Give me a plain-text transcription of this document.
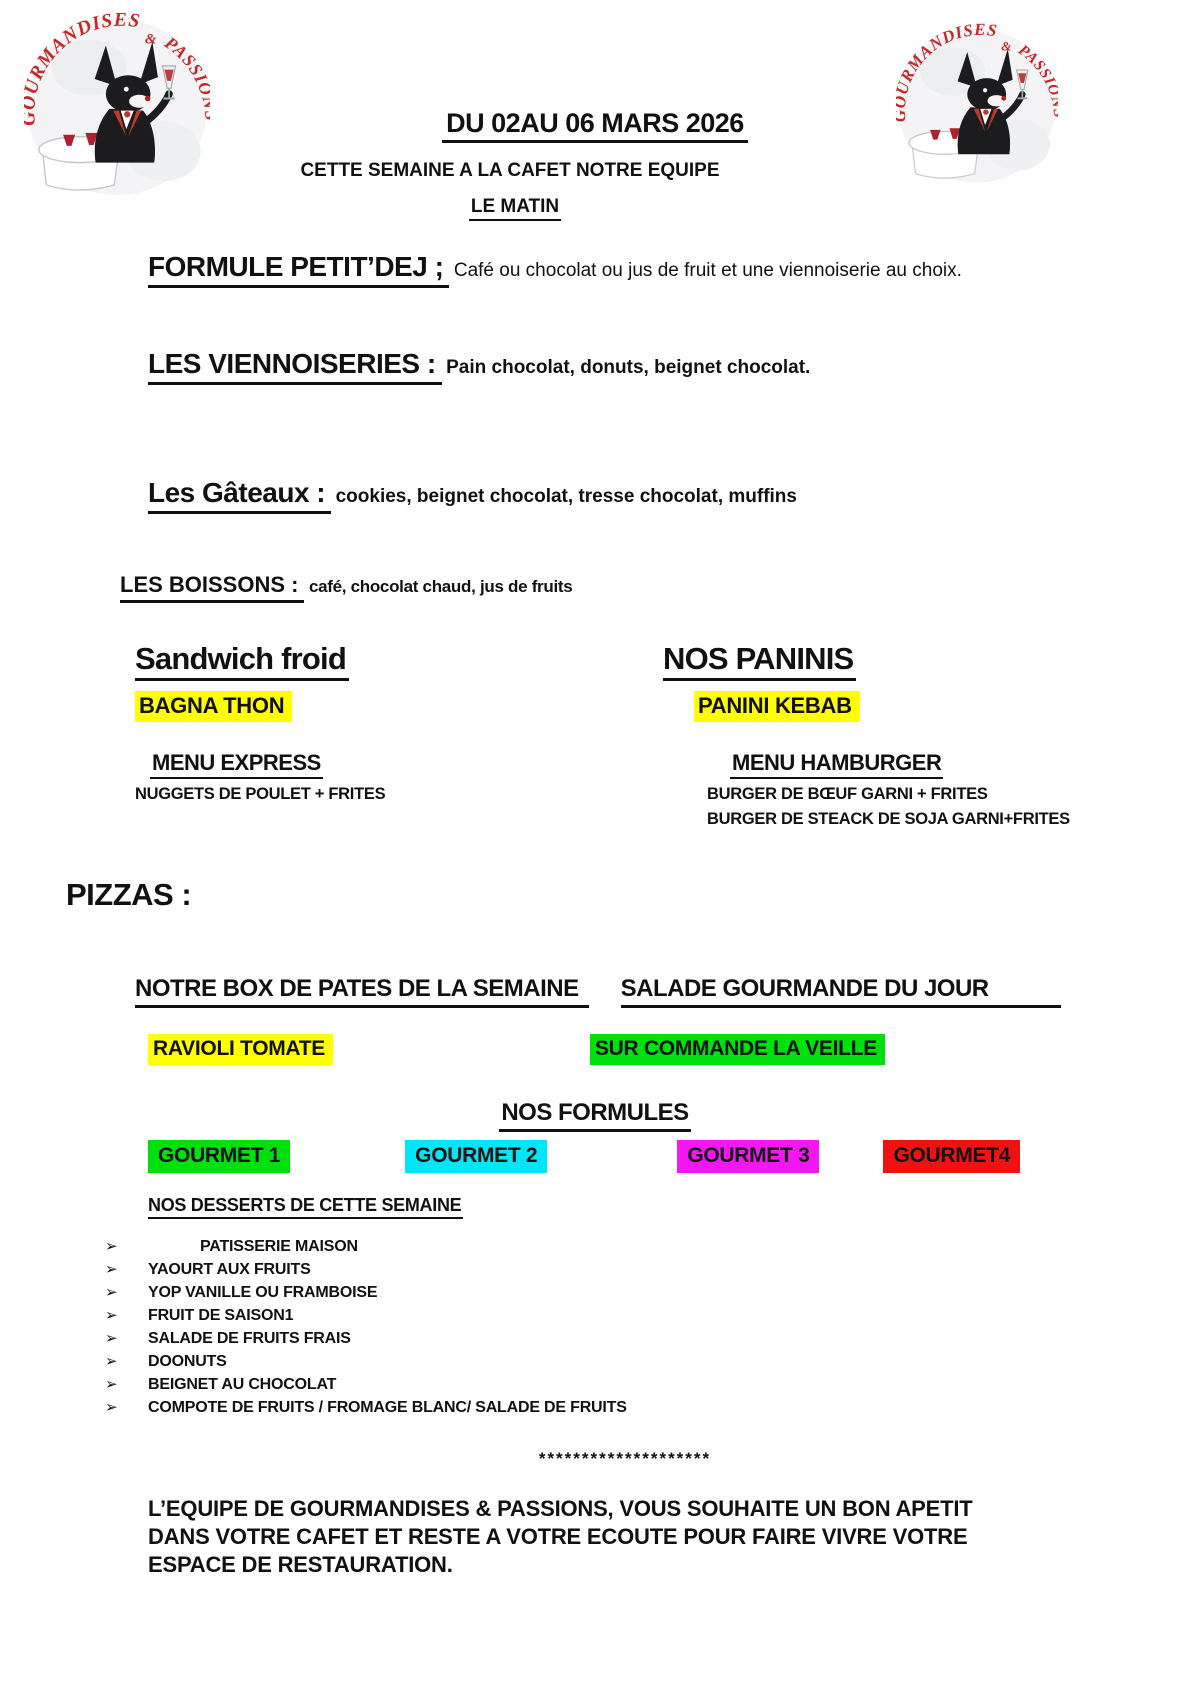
DU 02AU 06 MARS 2026
CETTE SEMAINE A LA CAFET NOTRE EQUIPE
LE MATIN
FORMULE PETIT’DEJ ; Café ou chocolat ou jus de fruit et une viennoiserie au choix.
LES VIENNOISERIES : Pain chocolat, donuts, beignet chocolat.
Les Gâteaux : cookies, beignet chocolat, tresse chocolat, muffins
LES BOISSONS : café, chocolat chaud, jus de fruits
Sandwich froid
BAGNA THON
MENU EXPRESS
NUGGETS DE POULET + FRITES
NOS PANINIS
PANINI KEBAB
MENU HAMBURGER
BURGER DE BŒUF GARNI + FRITES
BURGER DE STEACK DE SOJA GARNI+FRITES
PIZZAS :
NOTRE BOX DE PATES DE LA SEMAINE	SALADE GOURMANDE DU JOUR
RAVIOLI TOMATE	SUR COMMANDE LA VEILLE
NOS FORMULES
GOURMET 1	GOURMET 2	GOURMET 3	GOURMET4
NOS DESSERTS DE CETTE SEMAINE
➢	PATISSERIE MAISON
➢	YAOURT AUX FRUITS
➢	YOP VANILLE OU FRAMBOISE
➢	FRUIT DE SAISON1
➢	SALADE DE FRUITS FRAIS
➢	DOONUTS
➢	BEIGNET AU CHOCOLAT
➢	COMPOTE DE FRUITS / FROMAGE BLANC/ SALADE DE FRUITS
********************
L’EQUIPE DE GOURMANDISES & PASSIONS, VOUS SOUHAITE UN BON APETIT DANS VOTRE CAFET ET RESTE A VOTRE ECOUTE POUR FAIRE VIVRE VOTRE ESPACE DE RESTAURATION.
